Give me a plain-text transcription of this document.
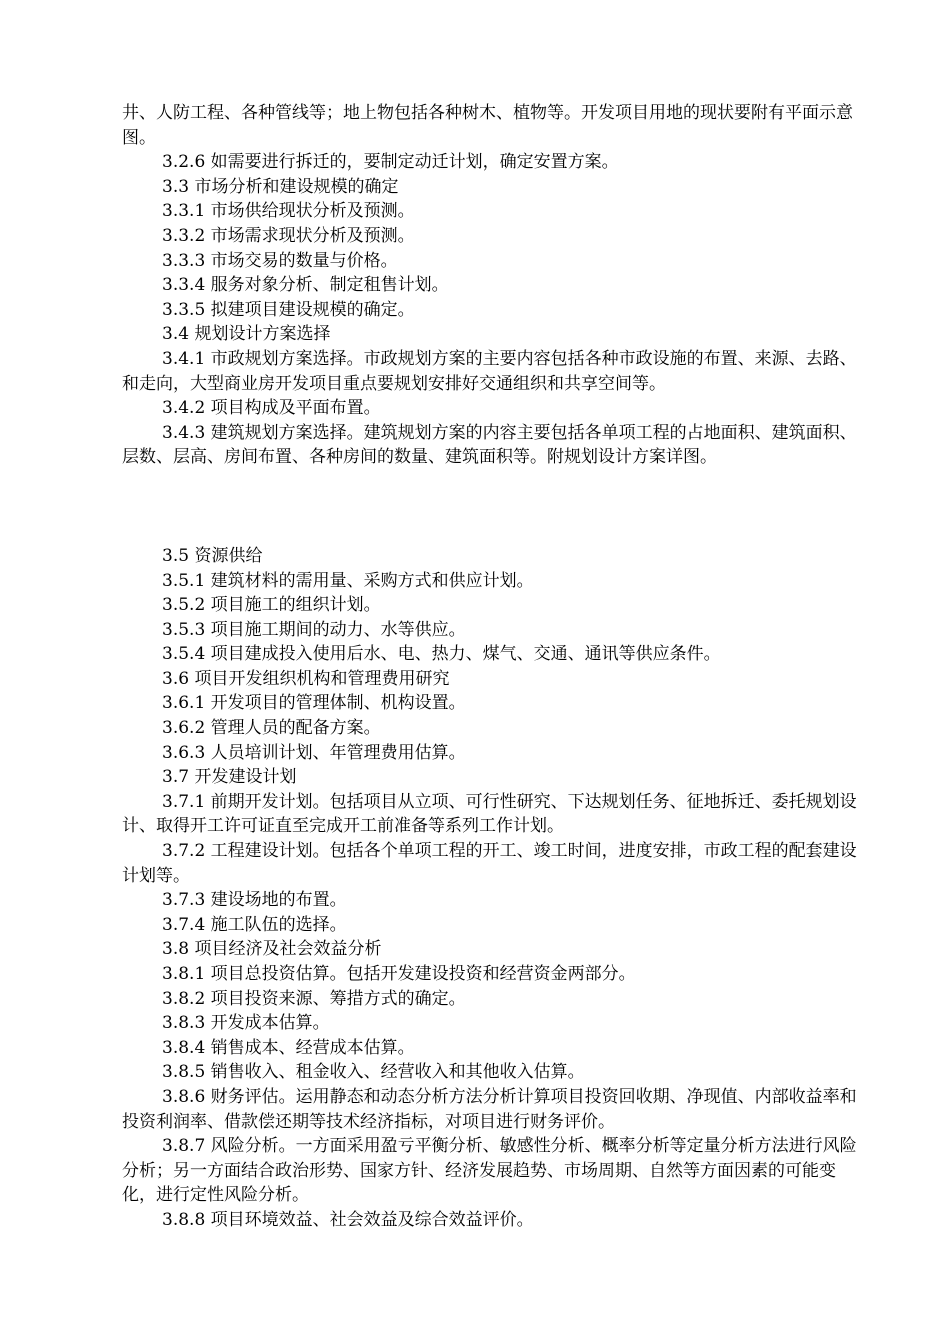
井、人防工程、各种管线等；地上物包括各种树木、植物等。开发项目用地的现状要附有平面示意图。

3.2.6 如需要进行拆迁的，要制定动迁计划，确定安置方案。

3.3 市场分析和建设规模的确定

3.3.1 市场供给现状分析及预测。

3.3.2 市场需求现状分析及预测。

3.3.3 市场交易的数量与价格。

3.3.4 服务对象分析、制定租售计划。

3.3.5 拟建项目建设规模的确定。

3.4 规划设计方案选择

3.4.1 市政规划方案选择。市政规划方案的主要内容包括各种市政设施的布置、来源、去路、和走向，大型商业房开发项目重点要规划安排好交通组织和共享空间等。

3.4.2 项目构成及平面布置。

3.4.3 建筑规划方案选择。建筑规划方案的内容主要包括各单项工程的占地面积、建筑面积、层数、层高、房间布置、各种房间的数量、建筑面积等。附规划设计方案详图。

3.5 资源供给

3.5.1 建筑材料的需用量、采购方式和供应计划。

3.5.2 项目施工的组织计划。

3.5.3 项目施工期间的动力、水等供应。

3.5.4 项目建成投入使用后水、电、热力、煤气、交通、通讯等供应条件。

3.6 项目开发组织机构和管理费用研究

3.6.1 开发项目的管理体制、机构设置。

3.6.2 管理人员的配备方案。

3.6.3 人员培训计划、年管理费用估算。

3.7 开发建设计划

3.7.1 前期开发计划。包括项目从立项、可行性研究、下达规划任务、征地拆迁、委托规划设计、取得开工许可证直至完成开工前准备等系列工作计划。

3.7.2 工程建设计划。包括各个单项工程的开工、竣工时间，进度安排，市政工程的配套建设计划等。

3.7.3 建设场地的布置。

3.7.4 施工队伍的选择。

3.8 项目经济及社会效益分析

3.8.1 项目总投资估算。包括开发建设投资和经营资金两部分。

3.8.2 项目投资来源、筹措方式的确定。

3.8.3 开发成本估算。

3.8.4 销售成本、经营成本估算。

3.8.5 销售收入、租金收入、经营收入和其他收入估算。

3.8.6 财务评估。运用静态和动态分析方法分析计算项目投资回收期、净现值、内部收益率和投资利润率、借款偿还期等技术经济指标，对项目进行财务评价。

3.8.7 风险分析。一方面采用盈亏平衡分析、敏感性分析、概率分析等定量分析方法进行风险分析；另一方面结合政治形势、国家方针、经济发展趋势、市场周期、自然等方面因素的可能变化，进行定性风险分析。

3.8.8 项目环境效益、社会效益及综合效益评价。
